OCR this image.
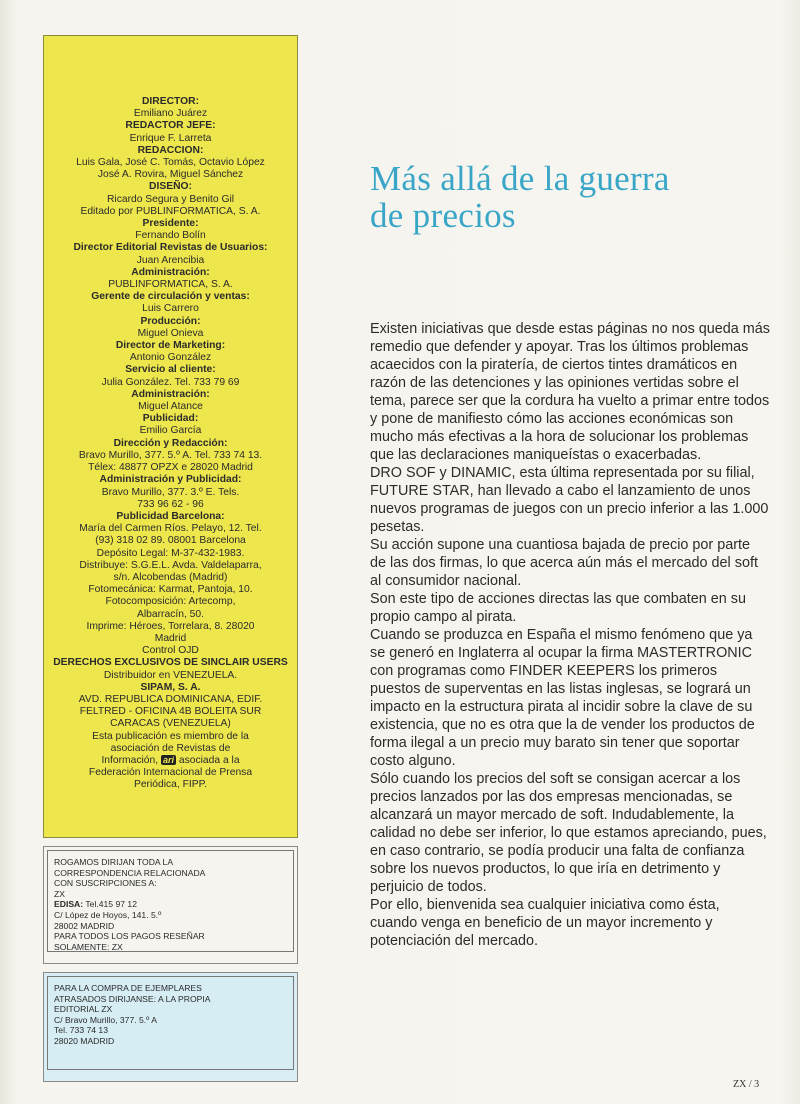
DIRECTOR:
Emiliano Juárez
REDACTOR JEFE:
Enrique F. Larreta
REDACCION:
Luis Gala, José C. Tomás, Octavio López
José A. Rovira, Miguel Sánchez
DISEÑO:
Ricardo Segura y Benito Gil
Editado por PUBLINFORMATICA, S. A.
Presidente:
Fernando Bolín
Director Editorial Revistas de Usuarios:
Juan Arencibia
Administración:
PUBLINFORMATICA, S. A.
Gerente de circulación y ventas:
Luis Carrero
Producción:
Miguel Onieva
Director de Marketing:
Antonio González
Servicio al cliente:
Julia González. Tel. 733 79 69
Administración:
Miguel Atance
Publicidad:
Emilio García
Dirección y Redacción:
Bravo Murillo, 377. 5.º A. Tel. 733 74 13.
Télex: 48877 OPZX e 28020 Madrid
Administración y Publicidad:
Bravo Murillo, 377. 3.º E. Tels.
733 96 62 - 96
Publicidad Barcelona:
María del Carmen Ríos. Pelayo, 12. Tel.
(93) 318 02 89. 08001 Barcelona
Depósito Legal: M-37-432-1983.
Distribuye: S.G.E.L. Avda. Valdelaparra,
s/n. Alcobendas (Madrid)
Fotomecánica: Karmat, Pantoja, 10.
Fotocomposición: Artecomp,
Albarracín, 50.
Imprime: Héroes, Torrelara, 8. 28020
Madrid
Control OJD
DERECHOS EXCLUSIVOS DE SINCLAIR USERS
Distribuidor en VENEZUELA.
SIPAM, S. A.
AVD. REPUBLICA DOMINICANA, EDIF.
FELTRED - OFICINA 4B BOLEITA SUR
CARACAS (VENEZUELA)
Esta publicación es miembro de la
asociación de Revistas de
Información, ari asociada a la
Federación Internacional de Prensa
Periódica, FIPP.
ROGAMOS DIRIJAN TODA LA
CORRESPONDENCIA RELACIONADA
CON SUSCRIPCIONES A:
ZX
EDISA: Tel.415 97 12
C/ López de Hoyos, 141. 5.º
28002 MADRID
PARA TODOS LOS PAGOS RESEÑAR
SOLAMENTE: ZX
PARA LA COMPRA DE EJEMPLARES
ATRASADOS DIRIJANSE: A LA PROPIA
EDITORIAL ZX
C/ Bravo Murillo, 377. 5.º A
Tel. 733 74 13
28020 MADRID
Más allá de la guerra
de precios

Existen iniciativas que desde estas páginas no nos queda más remedio que defender y apoyar. Tras los últimos problemas acaecidos con la piratería, de ciertos tintes dramáticos en razón de las detenciones y las opiniones vertidas sobre el tema, parece ser que la cordura ha vuelto a primar entre todos y pone de manifiesto cómo las acciones económicas son mucho más efectivas a la hora de solucionar los problemas que las declaraciones maniqueístas o exacerbadas.

DRO SOF y DINAMIC, esta última representada por su filial, FUTURE STAR, han llevado a cabo el lanzamiento de unos nuevos programas de juegos con un precio inferior a las 1.000 pesetas.

Su acción supone una cuantiosa bajada de precio por parte de las dos firmas, lo que acerca aún más el mercado del soft al consumidor nacional.

Son este tipo de acciones directas las que combaten en su propio campo al pirata.

Cuando se produzca en España el mismo fenómeno que ya se generó en Inglaterra al ocupar la firma MASTERTRONIC con programas como FINDER KEEPERS los primeros puestos de superventas en las listas inglesas, se logrará un impacto en la estructura pirata al incidir sobre la clave de su existencia, que no es otra que la de vender los productos de forma ilegal a un precio muy barato sin tener que soportar costo alguno.

Sólo cuando los precios del soft se consigan acercar a los precios lanzados por las dos empresas mencionadas, se alcanzará un mayor mercado de soft. Indudablemente, la calidad no debe ser inferior, lo que estamos apreciando, pues, en caso contrario, se podía producir una falta de confianza sobre los nuevos productos, lo que iría en detrimento y perjuicio de todos.

Por ello, bienvenida sea cualquier iniciativa como ésta, cuando venga en beneficio de un mayor incremento y potenciación del mercado.

ZX / 3
